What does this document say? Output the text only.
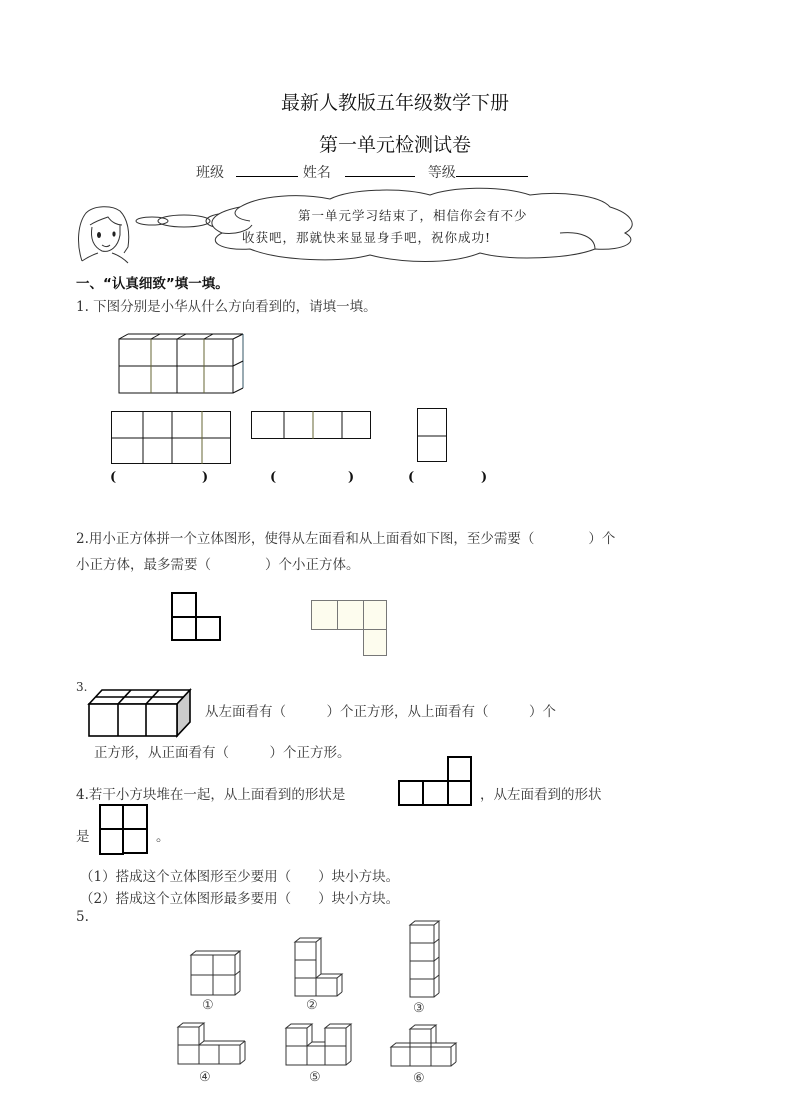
最新人教版五年级数学下册
第一单元检测试卷
班级	姓名	等级
第一单元学习结束了，相信你会有不少
收获吧，那就快来显显身手吧，祝你成功!
一、“认真细致”填一填。
1. 下图分别是小华从什么方向看到的，请填一填。
(	)	(	)	(	)
2.用小正方体拼一个立体图形，使得从左面看和从上面看如下图，至少需要（　　　　）个
小正方体，最多需要（　　　　）个小正方体。
3.
从左面看有（　　　）个正方形，从上面看有（　　　）个
正方形，从正面看有（　　　）个正方形。
4.若干小方块堆在一起，从上面看到的形状是	，从左面看到的形状
是	。
（1）搭成这个立体图形至少要用（　　）块小方块。
（2）搭成这个立体图形最多要用（　　）块小方块。
5.
①	②	③
④	⑤	⑥
